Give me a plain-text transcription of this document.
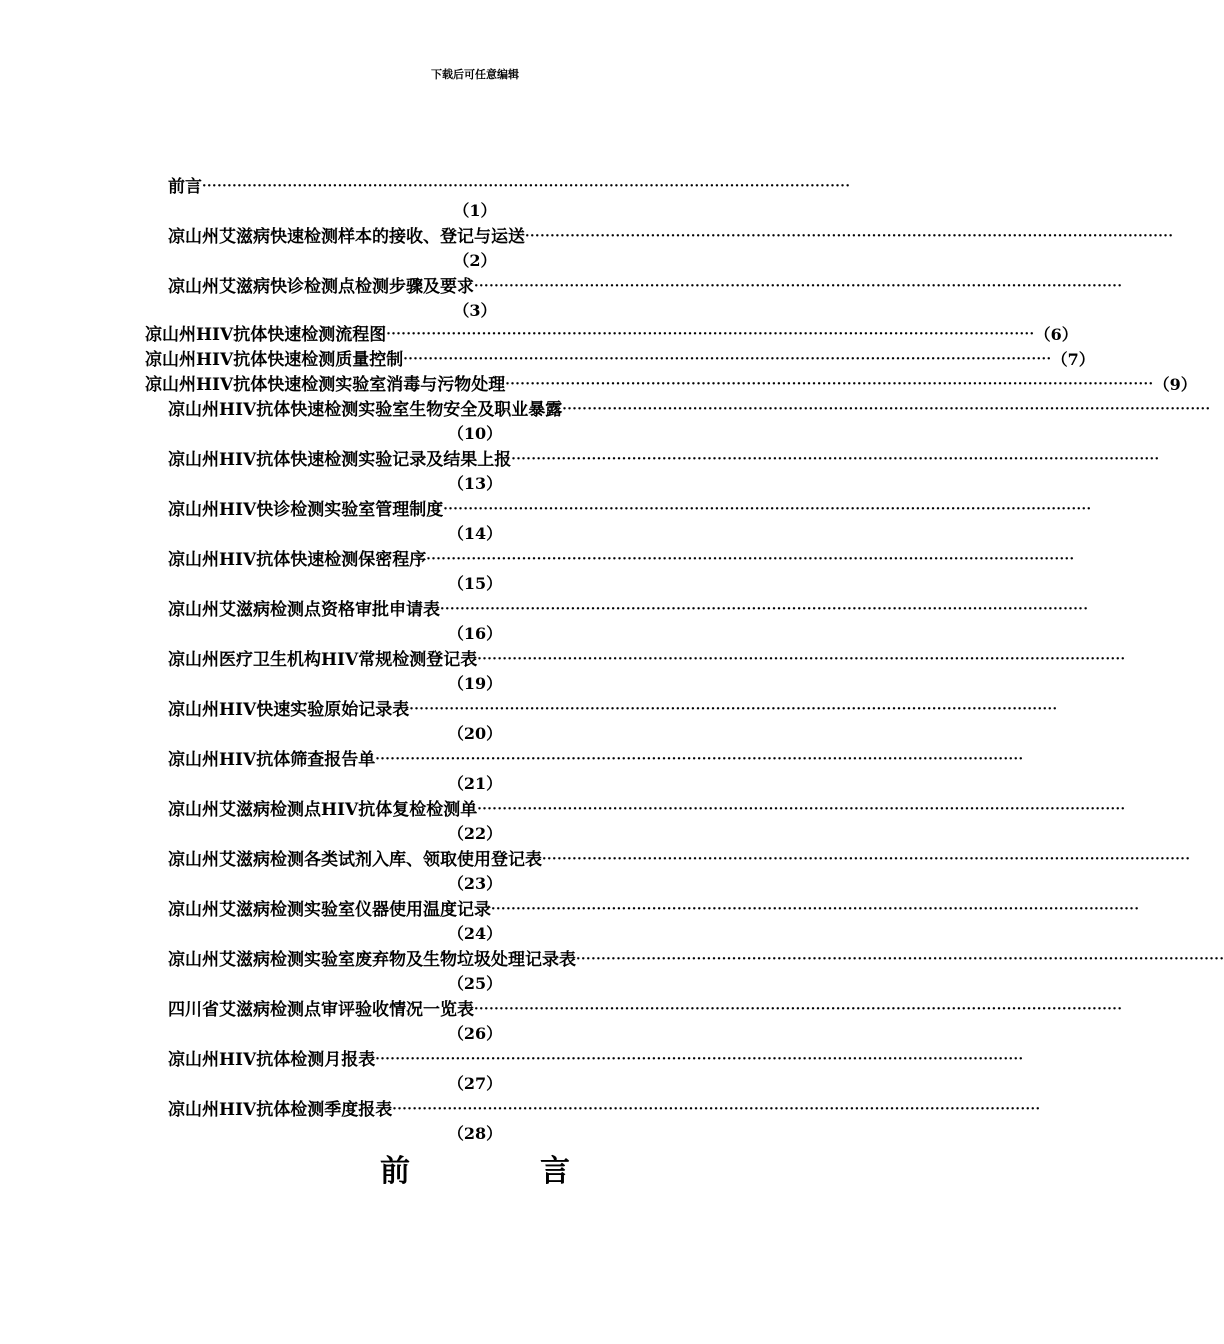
下载后可任意编辑
前言 ·································································································································
（1）
凉山州艾滋病快速检测样本的接收、登记与运送 ·································································································································
（2）
凉山州艾滋病快诊检测点检测步骤及要求 ·································································································································
（3）
凉山州HIV抗体快速检测流程图 ································································································································· （6）
凉山州HIV抗体快速检测质量控制 ································································································································· （7）
凉山州HIV抗体快速检测实验室消毒与污物处理 ································································································································· （9）
凉山州HIV抗体快速检测实验室生物安全及职业暴露 ·································································································································
（10）
凉山州HIV抗体快速检测实验记录及结果上报 ·································································································································
（13）
凉山州HIV快诊检测实验室管理制度 ·································································································································
（14）
凉山州HIV抗体快速检测保密程序 ·································································································································
（15）
凉山州艾滋病检测点资格审批申请表 ·································································································································
（16）
凉山州医疗卫生机构HIV常规检测登记表 ·································································································································
（19）
凉山州HIV快速实验原始记录表 ·································································································································
（20）
凉山州HIV抗体筛查报告单 ·································································································································
（21）
凉山州艾滋病检测点HIV抗体复检检测单 ·································································································································
（22）
凉山州艾滋病检测各类试剂入库、领取使用登记表 ·································································································································
（23）
凉山州艾滋病检测实验室仪器使用温度记录 ·································································································································
（24）
凉山州艾滋病检测实验室废弃物及生物垃圾处理记录表 ·································································································································
（25）
四川省艾滋病检测点审评验收情况一览表 ·································································································································
（26）
凉山州HIV抗体检测月报表 ·································································································································
（27）
凉山州HIV抗体检测季度报表 ·································································································································
（28）
前	言
